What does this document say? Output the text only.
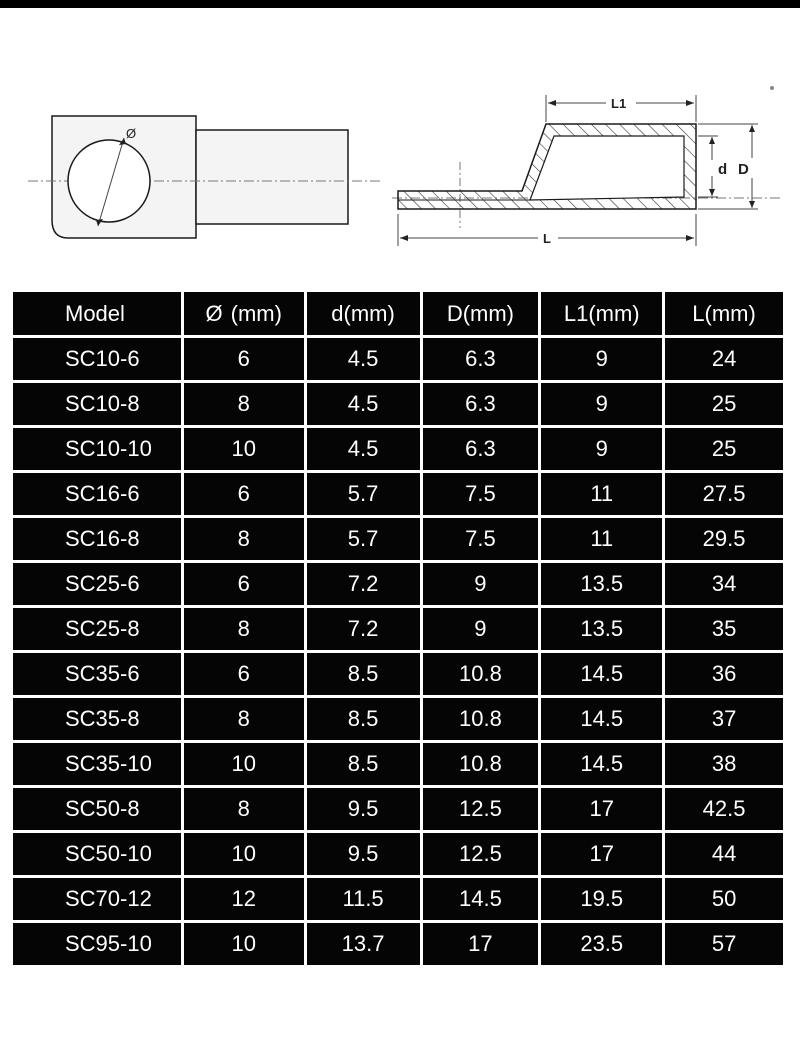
Ø
L1
d D
L
Model	Ø (mm)	d(mm)	D(mm)	L1(mm)	L(mm)
SC10-6	6	4.5	6.3	9	24
SC10-8	8	4.5	6.3	9	25
SC10-10	10	4.5	6.3	9	25
SC16-6	6	5.7	7.5	11	27.5
SC16-8	8	5.7	7.5	11	29.5
SC25-6	6	7.2	9	13.5	34
SC25-8	8	7.2	9	13.5	35
SC35-6	6	8.5	10.8	14.5	36
SC35-8	8	8.5	10.8	14.5	37
SC35-10	10	8.5	10.8	14.5	38
SC50-8	8	9.5	12.5	17	42.5
SC50-10	10	9.5	12.5	17	44
SC70-12	12	11.5	14.5	19.5	50
SC95-10	10	13.7	17	23.5	57
